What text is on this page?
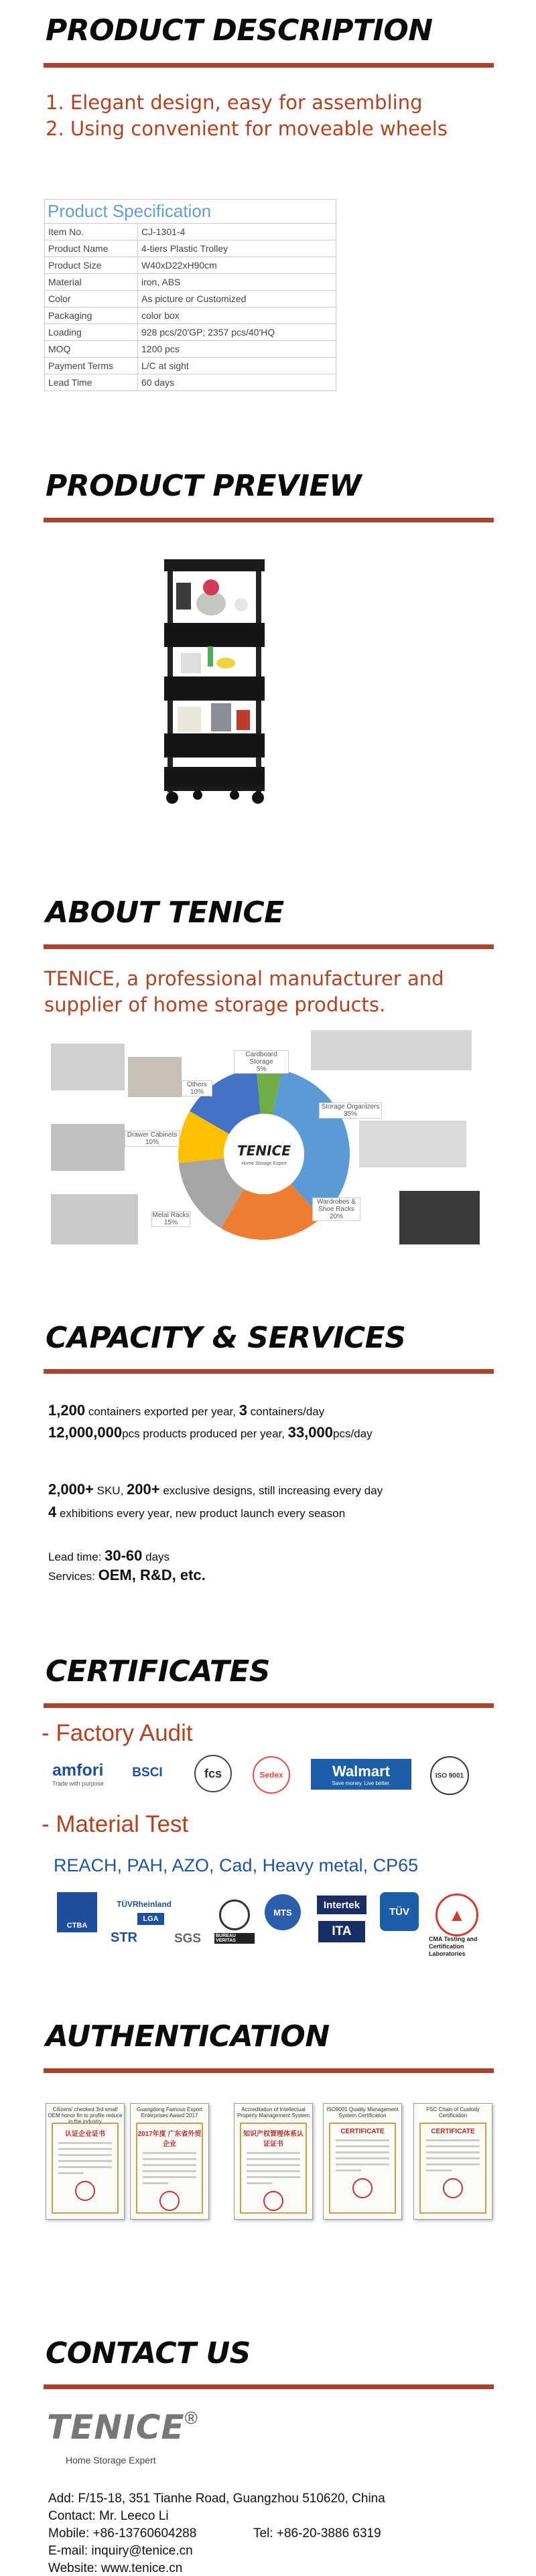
PRODUCT DESCRIPTION
1. Elegant design, easy for assembling
2. Using convenient for moveable wheels
Product Specification
Item No.	CJ-1301-4
Product Name	4-tiers Plastic Trolley
Product Size	W40xD22xH90cm
Material	iron, ABS
Color	As picture or Customized
Packaging	color box
Loading	928 pcs/20'GP; 2357 pcs/40'HQ
MOQ	1200 pcs
Payment Terms	L/C at sight
Lead Time	60 days
PRODUCT PREVIEW
ABOUT TENICE
TENICE, a professional manufacturer and
supplier of home storage products.
TENICE
Home Storage Expert
Cardboard Storage
5%
Storage Organizers
35%
Wardrobes &
Shoe Racks
20%
Metal Racks
15%
Drawer Cabinets
10%
Others
10%
CAPACITY & SERVICES
1,200 containers exported per year, 3 containers/day
12,000,000pcs products produced per year, 33,000pcs/day
2,000+ SKU, 200+ exclusive designs, still increasing every day
4 exhibitions every year, new product launch every season
Lead time: 30-60 days
Services: OEM, R&D, etc.
CERTIFICATES
- Factory Audit
amfori
Trade with purpose
BSCI	fcs	Sedex	Walmart
Save money. Live better.
ISO 9001
- Material Test
REACH, PAH, AZO, Cad, Heavy metal, CP65
CTBA
TÜVRheinland
LGA
STR	SGS	BUREAU VERITAS
MTS
Intertek
ITA
TÜV	▲
CMA Testing and Certification Laboratories
AUTHENTICATION
Citizens' checked 3rd small OEM honor fin to profile reduce in the industry
认证企业证书
Guangdong Famous Export Enterprises Award 2017
2017年度 广东省外贸企业
Accreditation of Intellectual Property Management System
知识产权管理体系认证证书
ISO9001 Quality Management System Certification
CERTIFICATE
FSC Chain of Custody Certification
CERTIFICATE
CONTACT US
TENICE®
Home Storage Expert
Add: F/15-18, 351 Tianhe Road, Guangzhou 510620, China
Contact: Mr. Leeco Li
Mobile: +86-13760604288	Tel: +86-20-3886 6319
E-mail: inquiry@tenice.cn
Website: www.tenice.cn
